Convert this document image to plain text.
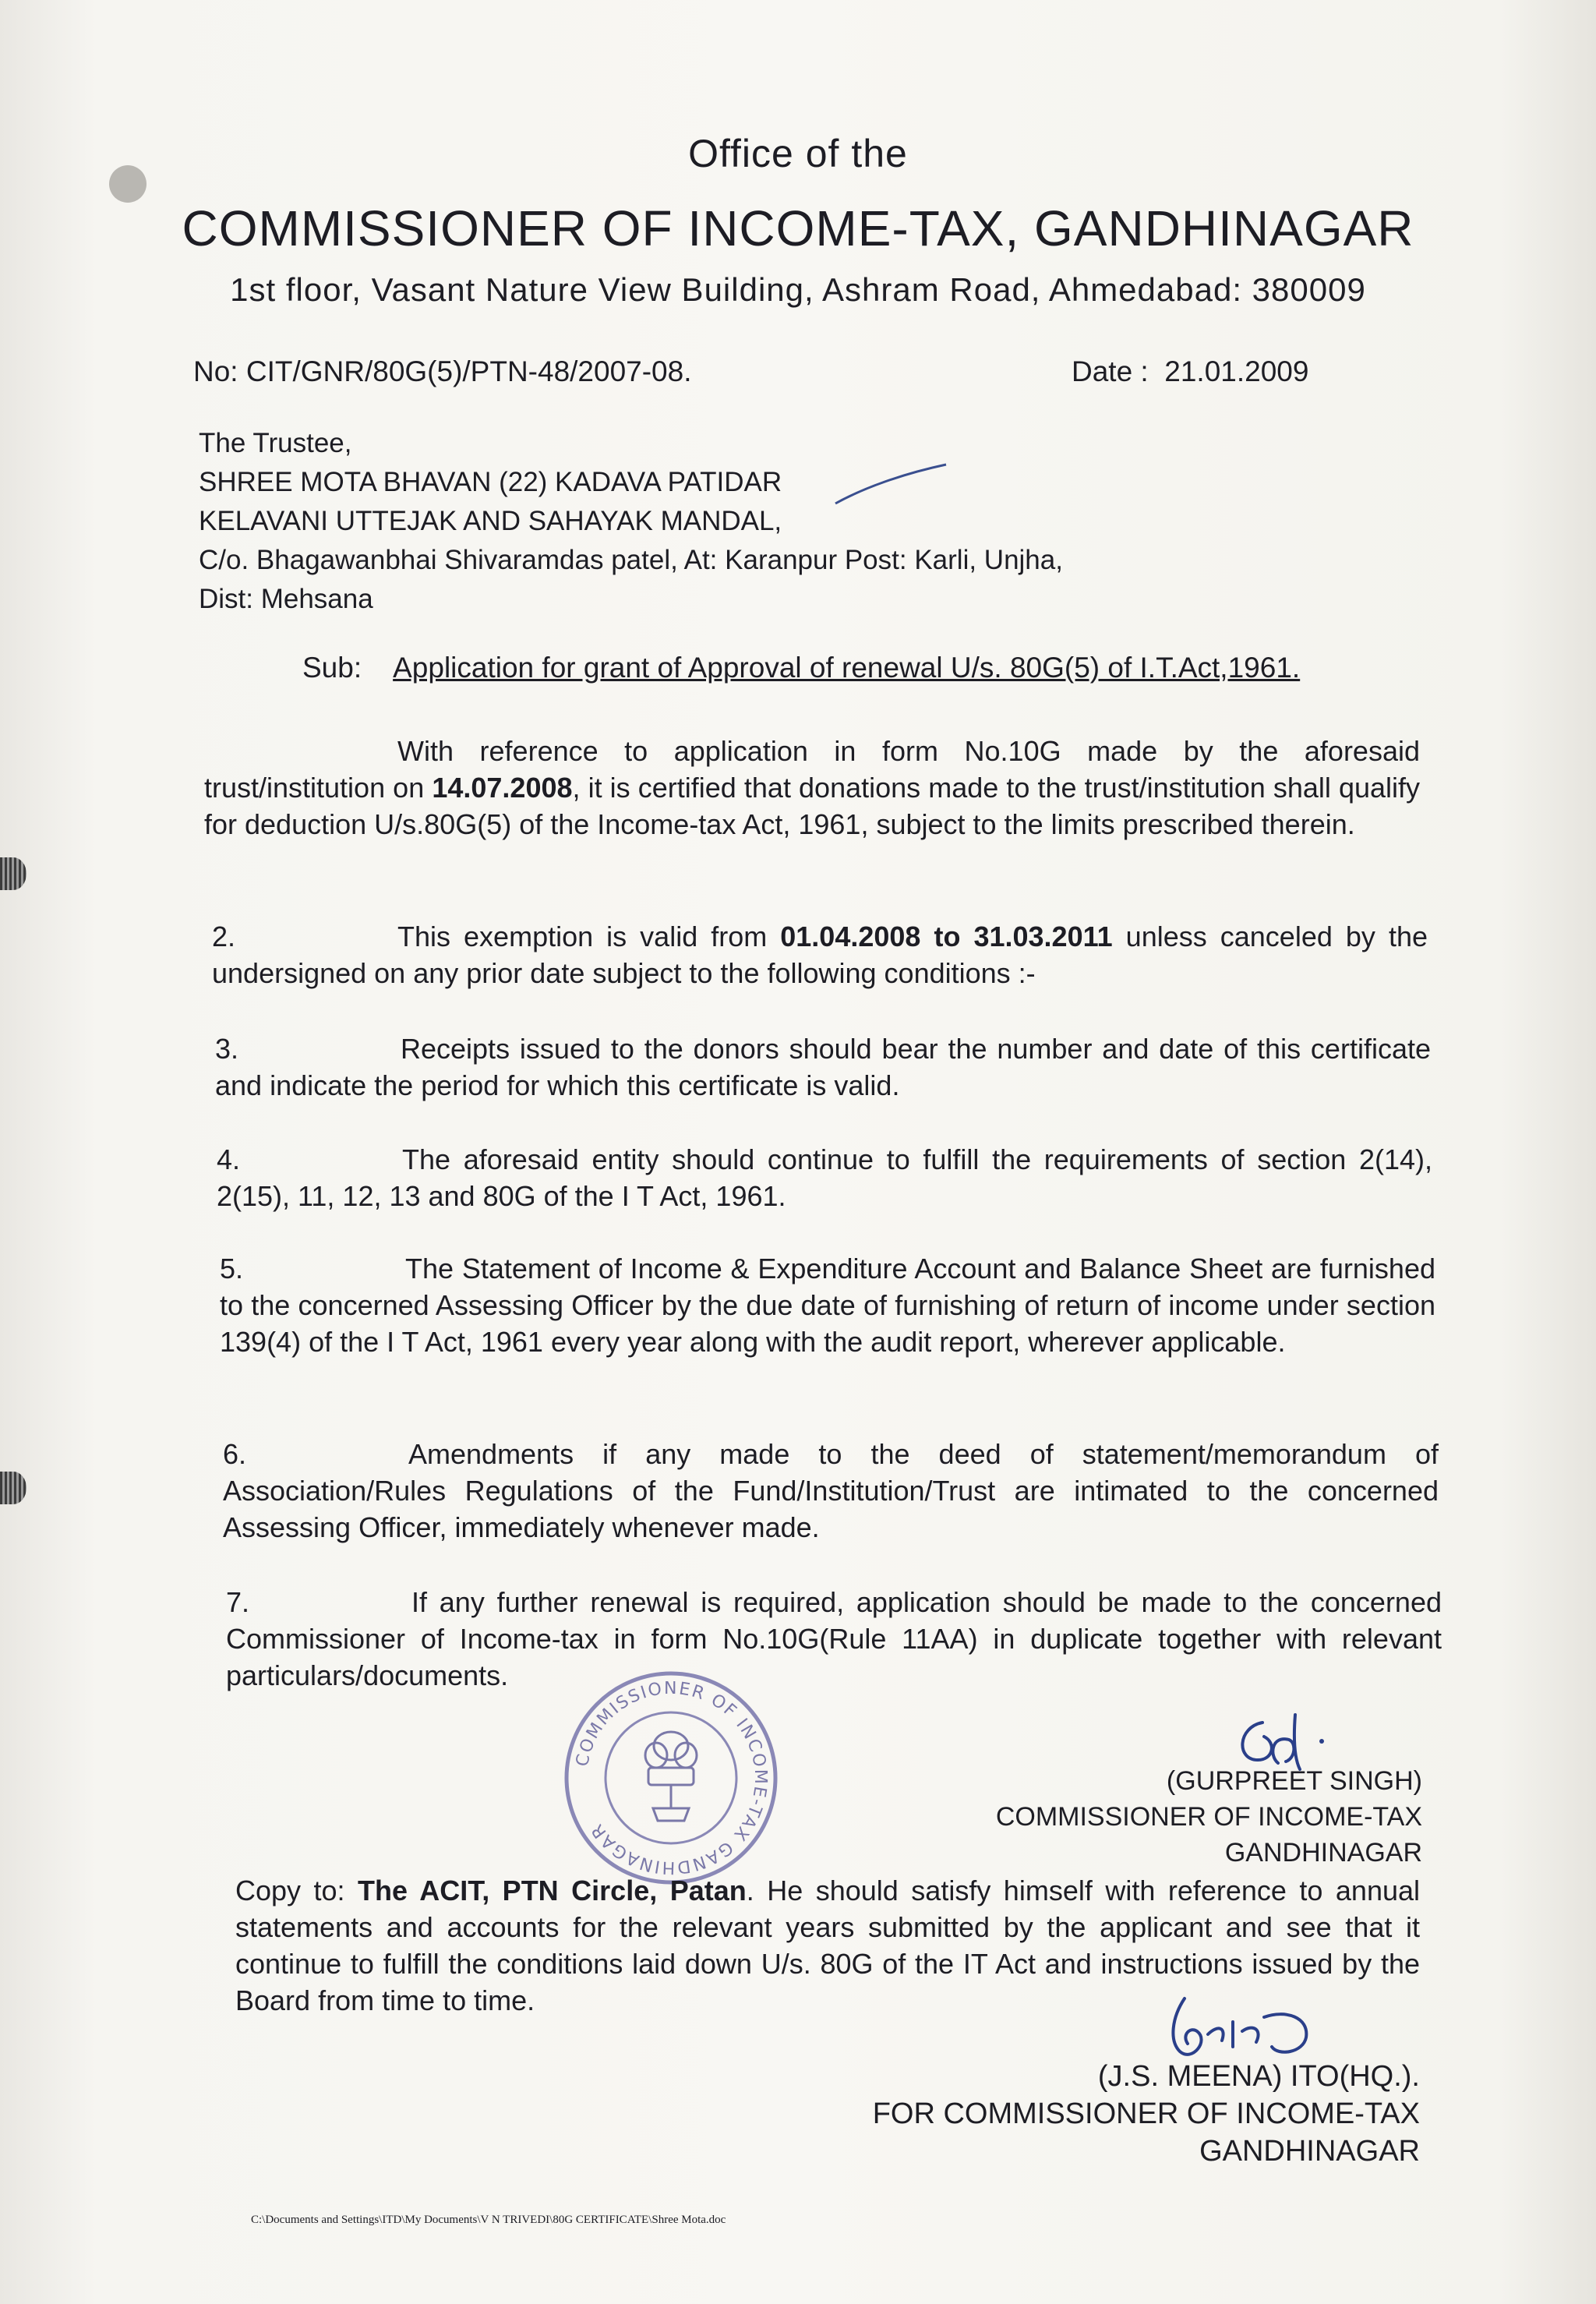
Office of the
COMMISSIONER OF INCOME-TAX, GANDHINAGAR
1st floor, Vasant Nature View Building, Ashram Road, Ahmedabad: 380009
No: CIT/GNR/80G(5)/PTN-48/2007-08.	Date : 21.01.2009
The Trustee,
SHREE MOTA BHAVAN (22) KADAVA PATIDAR
KELAVANI UTTEJAK AND SAHAYAK MANDAL,
C/o. Bhagawanbhai Shivaramdas patel, At: Karanpur Post: Karli, Unjha,
Dist: Mehsana
Sub: Application for grant of Approval of renewal U/s. 80G(5) of I.T.Act,1961.
With reference to application in form No.10G made by the aforesaid trust/institution on 14.07.2008, it is certified that donations made to the trust/institution shall qualify for deduction U/s.80G(5) of the Income-tax Act, 1961, subject to the limits prescribed therein.
2.	This exemption is valid from 01.04.2008 to 31.03.2011 unless canceled by the undersigned on any prior date subject to the following conditions :-
3.	Receipts issued to the donors should bear the number and date of this certificate and indicate the period for which this certificate is valid.
4.	The aforesaid entity should continue to fulfill the requirements of section 2(14), 2(15), 11, 12, 13 and 80G of the I T Act, 1961.
5.	The Statement of Income & Expenditure Account and Balance Sheet are furnished to the concerned Assessing Officer by the due date of furnishing of return of income under section 139(4) of the I T Act, 1961 every year along with the audit report, wherever applicable.
6.	Amendments if any made to the deed of statement/memorandum of Association/Rules Regulations of the Fund/Institution/Trust are intimated to the concerned Assessing Officer, immediately whenever made.
7.	If any further renewal is required, application should be made to the concerned Commissioner of Income-tax in form No.10G(Rule 11AA) in duplicate together with relevant particulars/documents.
COMMISSIONER OF INCOME-TAX GANDHINAGAR
(GURPREET SINGH)
COMMISSIONER OF INCOME-TAX
GANDHINAGAR
Copy to: The ACIT, PTN Circle, Patan. He should satisfy himself with reference to annual statements and accounts for the relevant years submitted by the applicant and see that it continue to fulfill the conditions laid down U/s. 80G of the IT Act and instructions issued by the Board from time to time.
(J.S. MEENA) ITO(HQ.).
FOR COMMISSIONER OF INCOME-TAX
GANDHINAGAR
C:\Documents and Settings\ITD\My Documents\V N TRIVEDI\80G CERTIFICATE\Shree Mota.doc
